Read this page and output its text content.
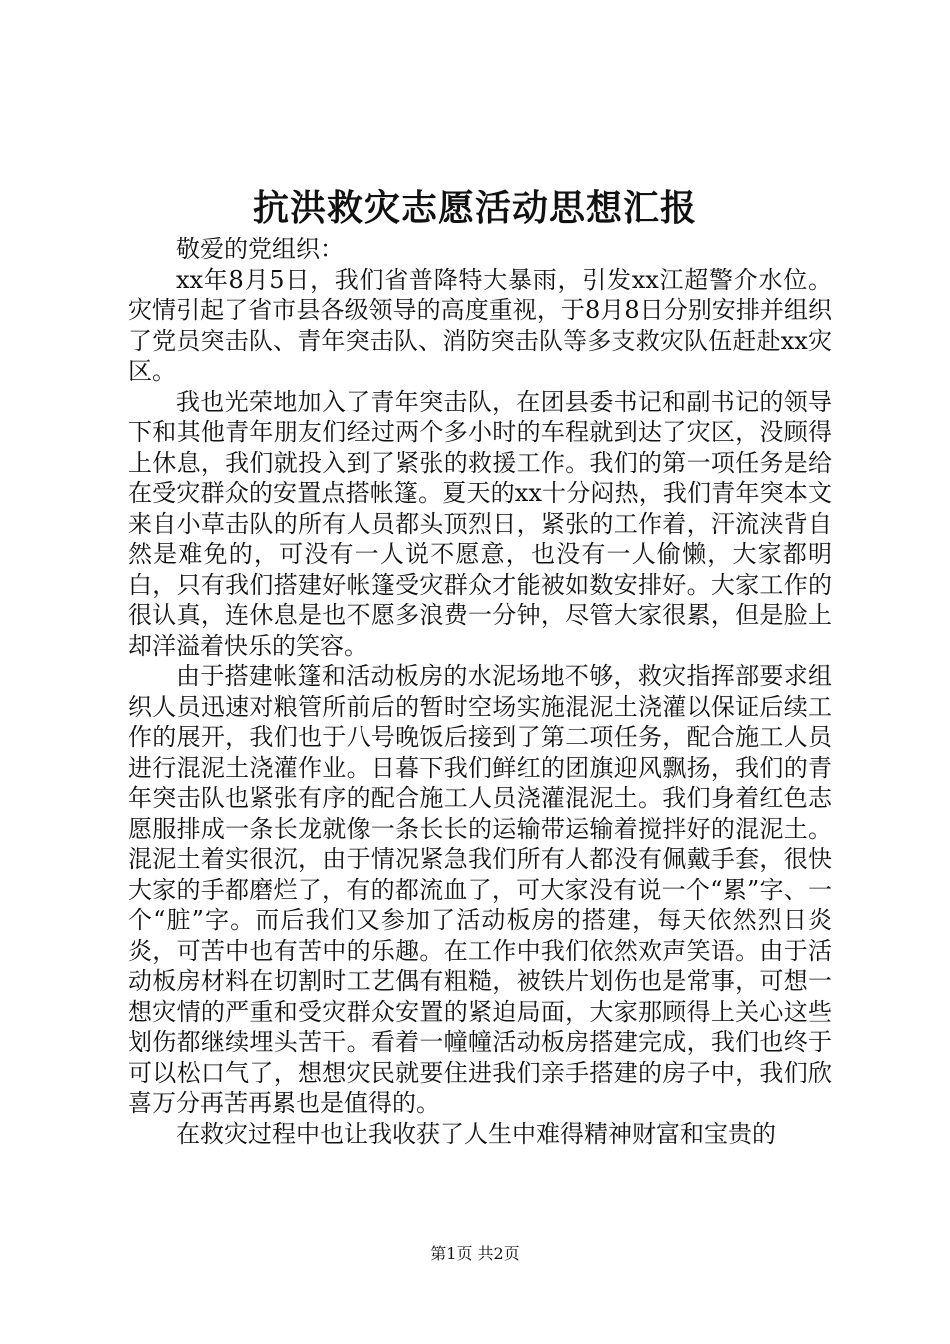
抗洪救灾志愿活动思想汇报

敬爱的党组织：

xx年8月5日，我们省普降特大暴雨，引发xx江超警介水位。灾情引起了省市县各级领导的高度重视，于8月8日分别安排并组织了党员突击队、青年突击队、消防突击队等多支救灾队伍赶赴xx灾区。

我也光荣地加入了青年突击队，在团县委书记和副书记的领导下和其他青年朋友们经过两个多小时的车程就到达了灾区，没顾得上休息，我们就投入到了紧张的救援工作。我们的第一项任务是给在受灾群众的安置点搭帐篷。夏天的xx十分闷热，我们青年突本文来自小草击队的所有人员都头顶烈日，紧张的工作着，汗流浃背自然是难免的，可没有一人说不愿意，也没有一人偷懒，大家都明白，只有我们搭建好帐篷受灾群众才能被如数安排好。大家工作的很认真，连休息是也不愿多浪费一分钟，尽管大家很累，但是脸上却洋溢着快乐的笑容。

由于搭建帐篷和活动板房的水泥场地不够，救灾指挥部要求组织人员迅速对粮管所前后的暂时空场实施混泥土浇灌以保证后续工作的展开，我们也于八号晚饭后接到了第二项任务，配合施工人员进行混泥土浇灌作业。日暮下我们鲜红的团旗迎风飘扬，我们的青年突击队也紧张有序的配合施工人员浇灌混泥土。我们身着红色志愿服排成一条长龙就像一条长长的运输带运输着搅拌好的混泥土。混泥土着实很沉，由于情况紧急我们所有人都没有佩戴手套，很快大家的手都磨烂了，有的都流血了，可大家没有说一个“累”字、一个“脏”字。而后我们又参加了活动板房的搭建，每天依然烈日炎炎，可苦中也有苦中的乐趣。在工作中我们依然欢声笑语。由于活动板房材料在切割时工艺偶有粗糙，被铁片划伤也是常事，可想一想灾情的严重和受灾群众安置的紧迫局面，大家那顾得上关心这些划伤都继续埋头苦干。看着一幢幢活动板房搭建完成，我们也终于可以松口气了，想想灾民就要住进我们亲手搭建的房子中，我们欣喜万分再苦再累也是值得的。

在救灾过程中也让我收获了人生中难得精神财富和宝贵的

第1页 共2页
